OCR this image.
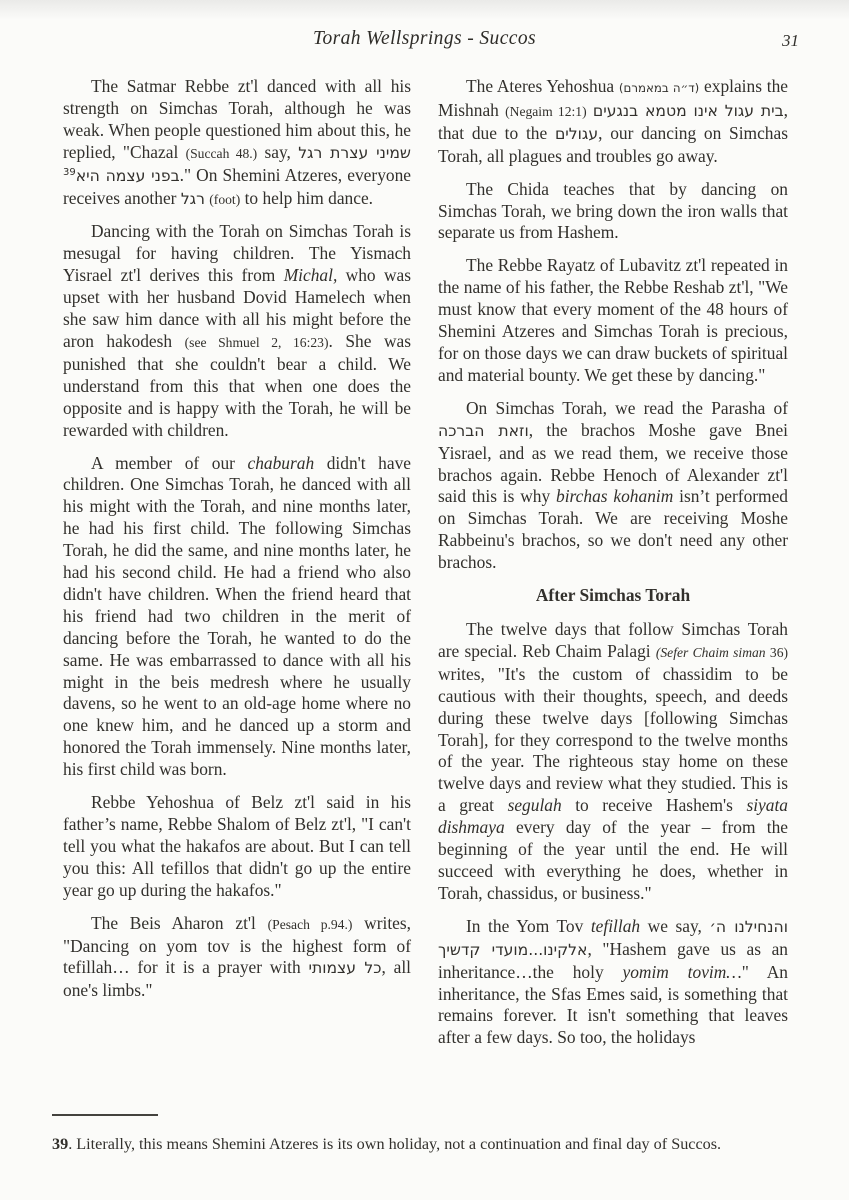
Torah Wellsprings - Succos	31

The Satmar Rebbe zt'l danced with all his strength on Simchas Torah, although he was weak. When people questioned him about this, he replied, "Chazal (Succah 48.) say, שמיני עצרת רגל בפני עצמה היא$^{39}$	." On Shemini Atzeres, everyone receives another רגל (foot) to help him dance.

Dancing with the Torah on Simchas Torah is mesugal for having children. The Yismach Yisrael zt'l derives this from Michal, who was upset with her husband Dovid Hamelech when she saw him dance with all his might before the aron hakodesh (see Shmuel 2, 16:23). She was punished that she couldn't bear a child. We understand from this that when one does the opposite and is happy with the Torah, he will be rewarded with children.

A member of our chaburah didn't have children. One Simchas Torah, he danced with all his might with the Torah, and nine months later, he had his first child. The following Simchas Torah, he did the same, and nine months later, he had his second child. He had a friend who also didn't have children. When the friend heard that his friend had two children in the merit of dancing before the Torah, he wanted to do the same. He was embarrassed to dance with all his might in the beis medresh where he usually davens, so he went to an old-age home where no one knew him, and he danced up a storm and honored the Torah immensely. Nine months later, his first child was born.

Rebbe Yehoshua of Belz zt'l said in his father’s name, Rebbe Shalom of Belz zt'l, "I can't tell you what the hakafos are about. But I can tell you this: All tefillos that didn't go up the entire year go up during the hakafos."

The Beis Aharon zt'l (Pesach p.94.) writes, "Dancing on yom tov is the highest form of tefillah… for it is a prayer with כל עצמותי, all one's limbs."

The Ateres Yehoshua (ד״ה במאמרם) explains the Mishnah (Negaim 12:1) בית עגול אינו מטמא בנגעים, that due to the עגולים, our dancing on Simchas Torah, all plagues and troubles go away.

The Chida teaches that by dancing on Simchas Torah, we bring down the iron walls that separate us from Hashem.

The Rebbe Rayatz of Lubavitz zt'l repeated in the name of his father, the Rebbe Reshab zt'l, "We must know that every moment of the 48 hours of Shemini Atzeres and Simchas Torah is precious, for on those days we can draw buckets of spiritual and material bounty. We get these by dancing."

On Simchas Torah, we read the Parasha of וזאת הברכה, the brachos Moshe gave Bnei Yisrael, and as we read them, we receive those brachos again. Rebbe Henoch of Alexander zt'l said this is why birchas kohanim isn’t performed on Simchas Torah. We are receiving Moshe Rabbeinu's brachos, so we don't need any other brachos.

After Simchas Torah

The twelve days that follow Simchas Torah are special. Reb Chaim Palagi (Sefer Chaim siman 36) writes, "It's the custom of chassidim to be cautious with their thoughts, speech, and deeds during these twelve days [following Simchas Torah], for they correspond to the twelve months of the year. The righteous stay home on these twelve days and review what they studied. This is a great segulah to receive Hashem's siyata dishmaya every day of the year – from the beginning of the year until the end. He will succeed with everything he does, whether in Torah, chassidus, or business."

In the Yom Tov tefillah we say, והנחילנו ה׳ אלקינו...מועדי קדשיך, "Hashem gave us as an inheritance…the holy yomim tovim…" An inheritance, the Sfas Emes said, is something that remains forever. It isn't something that leaves after a few days. So too, the holidays

39. Literally, this means Shemini Atzeres is its own holiday, not a continuation and final day of Succos.
